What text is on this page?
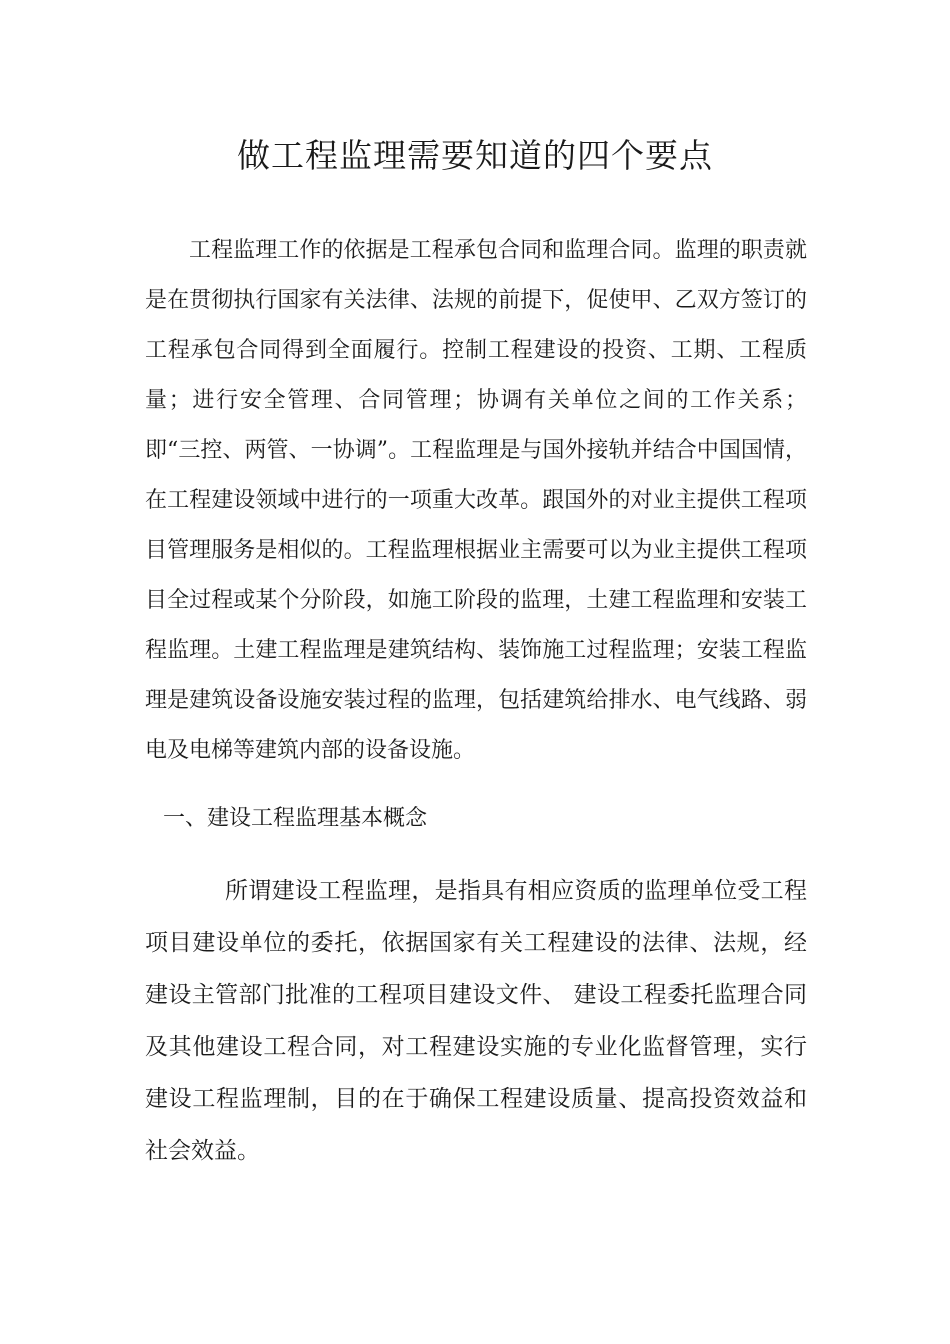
做工程监理需要知道的四个要点

工程监理工作的依据是工程承包合同和监理合同。监理的职责就是在贯彻执行国家有关法律、法规的前提下，促使甲、乙双方签订的工程承包合同得到全面履行。控制工程建设的投资、工期、工程质量；进行安全管理、合同管理；协调有关单位之间的工作关系；即“三控、两管、一协调”。工程监理是与国外接轨并结合中国国情，在工程建设领域中进行的一项重大改革。跟国外的对业主提供工程项目管理服务是相似的。工程监理根据业主需要可以为业主提供工程项目全过程或某个分阶段，如施工阶段的监理，土建工程监理和安装工程监理。土建工程监理是建筑结构、装饰施工过程监理；安装工程监理是建筑设备设施安装过程的监理，包括建筑给排水、电气线路、弱电及电梯等建筑内部的设备设施。

一、建设工程监理基本概念

所谓建设工程监理，是指具有相应资质的监理单位受工程项目建设单位的委托，依据国家有关工程建设的法律、法规，经建设主管部门批准的工程项目建设文件、 建设工程委托监理合同及其他建设工程合同，对工程建设实施的专业化监督管理，实行建设工程监理制，目的在于确保工程建设质量、提高投资效益和社会效益。
